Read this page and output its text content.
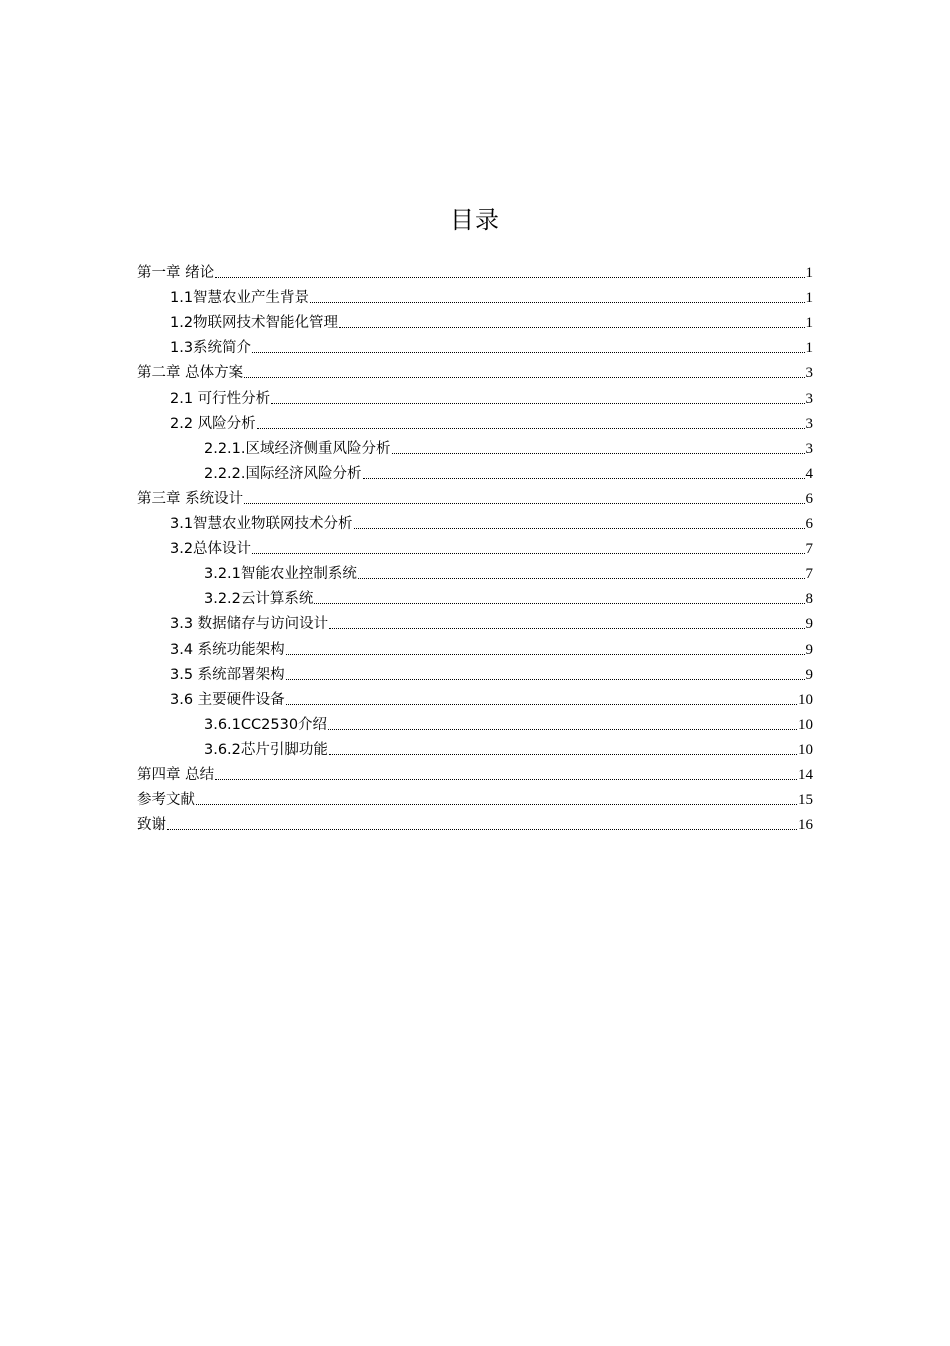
目录
第一章 绪论	1
1.1智慧农业产生背景	1
1.2物联网技术智能化管理	1
1.3系统简介	1
第二章 总体方案	3
2.1 可行性分析	3
2.2 风险分析	3
2.2.1.区域经济侧重风险分析	3
2.2.2.国际经济风险分析	4
第三章 系统设计	6
3.1智慧农业物联网技术分析	6
3.2总体设计	7
3.2.1智能农业控制系统	7
3.2.2云计算系统	8
3.3 数据储存与访问设计	9
3.4 系统功能架构	9
3.5 系统部署架构	9
3.6 主要硬件设备	10
3.6.1CC2530介绍	10
3.6.2芯片引脚功能	10
第四章 总结	14
参考文献	15
致谢	16
